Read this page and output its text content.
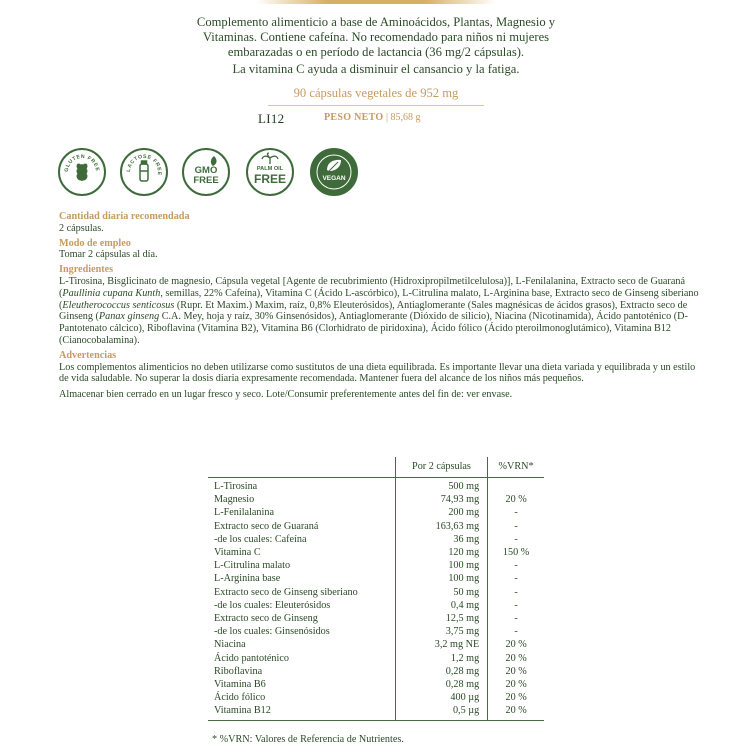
Complemento alimenticio a base de Aminoácidos, Plantas, Magnesio y

Vitaminas. Contiene cafeína. No recomendado para niños ni mujeres

embarazadas o en período de lactancia (36 mg/2 cápsulas).

La vitamina C ayuda a disminuir el cansancio y la fatiga.

90 cápsulas vegetales de 952 mg
LI12	PESO NETO | 85,68 g
GLUTEN FREE	LACTOSE FREE	GMO
FREE
PALM OIL
FREE	VEGAN
Cantidad diaria recomendada

2 cápsulas.

Modo de empleo

Tomar 2 cápsulas al día.

Ingredientes

L-Tirosina, Bisglicinato de magnesio, Cápsula vegetal [Agente de recubrimiento (Hidroxipropilmetilcelulosa)], L-Fenilalanina, Extracto seco de Guaraná (Paullinia cupana Kunth, semillas, 22% Cafeína), Vitamina C (Ácido L-ascórbico), L-Citrulina malato, L-Arginina base, Extracto seco de Ginseng siberiano (Eleutherococcus senticosus (Rupr. Et Maxim.) Maxim, raíz, 0,8% Eleuterósidos), Antiaglomerante (Sales magnésicas de ácidos grasos), Extracto seco de Ginseng (Panax ginseng C.A. Mey, hoja y raíz, 30% Ginsenósidos), Antiaglomerante (Dióxido de silicio), Niacina (Nicotinamida), Ácido pantoténico (D-Pantotenato cálcico), Riboflavina (Vitamina B2), Vitamina B6 (Clorhidrato de piridoxina), Ácido fólico (Ácido pteroilmonoglutámico), Vitamina B12 (Cianocobalamina).

Advertencias

Los complementos alimenticios no deben utilizarse como sustitutos de una dieta equilibrada. Es importante llevar una dieta variada y equilibrada y un estilo de vida saludable. No superar la dosis diaria expresamente recomendada. Mantener fuera del alcance de los niños más pequeños.

Almacenar bien cerrado en un lugar fresco y seco. Lote/Consumir preferentemente antes del fin de: ver envase.

	Por 2 cápsulas	%VRN*
L-Tirosina	500 mg	
Magnesio	74,93 mg	20 %
L-Fenilalanina	200 mg	-
Extracto seco de Guaraná	163,63 mg	-
-de los cuales: Cafeína	36 mg	-
Vitamina C	120 mg	150 %
L-Citrulina malato	100 mg	-
L-Arginina base	100 mg	-
Extracto seco de Ginseng siberiano	50 mg	-
-de los cuales: Eleuterósidos	0,4 mg	-
Extracto seco de Ginseng	12,5 mg	-
-de los cuales: Ginsenósidos	3,75 mg	-
Niacina	3,2 mg NE	20 %
Ácido pantoténico	1,2 mg	20 %
Riboflavina	0,28 mg	20 %
Vitamina B6	0,28 mg	20 %
Ácido fólico	400 µg	20 %
Vitamina B12	0,5 µg	20 %
* %VRN: Valores de Referencia de Nutrientes.
